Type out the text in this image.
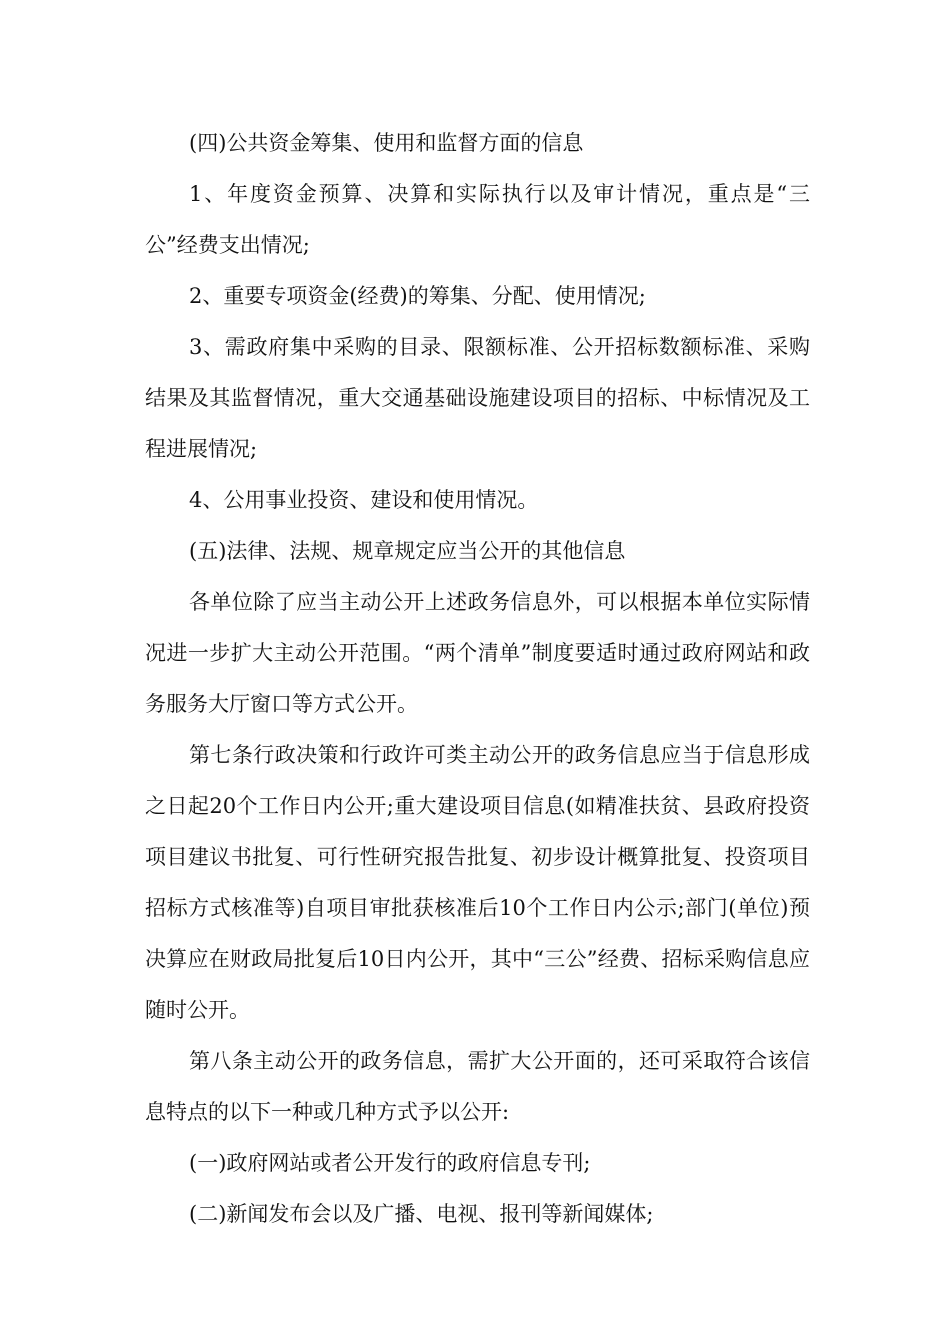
(四)公共资金筹集、使用和监督方面的信息

1、年度资金预算、决算和实际执行以及审计情况，重点是“三公”经费支出情况;

2、重要专项资金(经费)的筹集、分配、使用情况;

3、需政府集中采购的目录、限额标准、公开招标数额标准、采购结果及其监督情况，重大交通基础设施建设项目的招标、中标情况及工程进展情况;

4、公用事业投资、建设和使用情况。

(五)法律、法规、规章规定应当公开的其他信息

各单位除了应当主动公开上述政务信息外，可以根据本单位实际情况进一步扩大主动公开范围。“两个清单”制度要适时通过政府网站和政务服务大厅窗口等方式公开。

第七条行政决策和行政许可类主动公开的政务信息应当于信息形成之日起20个工作日内公开;重大建设项目信息(如精准扶贫、县政府投资项目建议书批复、可行性研究报告批复、初步设计概算批复、投资项目招标方式核准等)自项目审批获核准后10个工作日内公示;部门(单位)预决算应在财政局批复后10日内公开，其中“三公”经费、招标采购信息应随时公开。

第八条主动公开的政务信息，需扩大公开面的，还可采取符合该信息特点的以下一种或几种方式予以公开:

(一)政府网站或者公开发行的政府信息专刊;

(二)新闻发布会以及广播、电视、报刊等新闻媒体;
